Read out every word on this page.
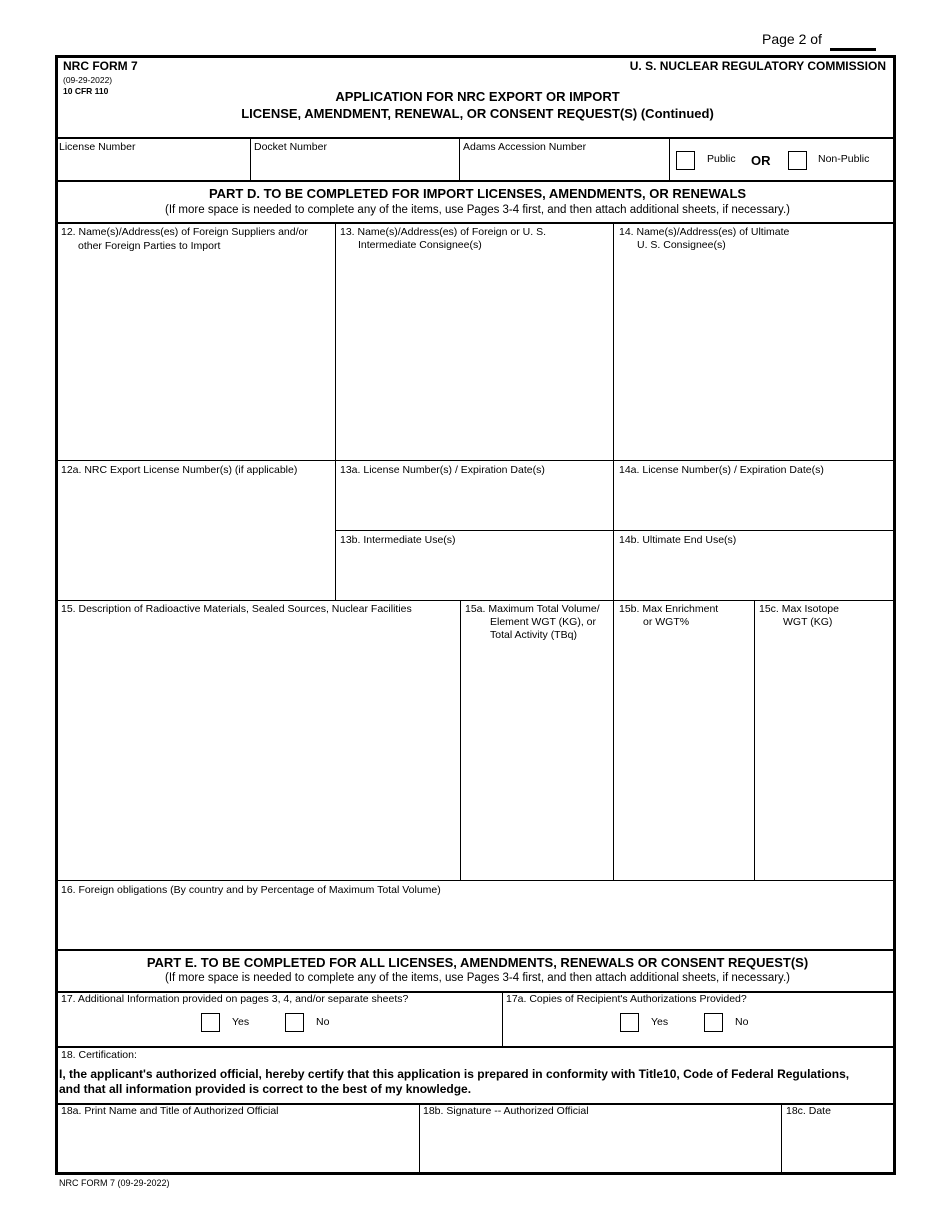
Page 2 of
NRC FORM 7
(09-29-2022)
10 CFR 110
U. S. NUCLEAR REGULATORY COMMISSION
APPLICATION FOR NRC EXPORT OR IMPORT
LICENSE, AMENDMENT, RENEWAL, OR CONSENT REQUEST(S) (Continued)
License Number	Docket Number	Adams Accession Number
Public OR	Non-Public
PART D. TO BE COMPLETED FOR IMPORT LICENSES, AMENDMENTS, OR RENEWALS
(If more space is needed to complete any of the items, use Pages 3-4 first, and then attach additional sheets, if necessary.)
12. Name(s)/Address(es) of Foreign Suppliers and/or
other Foreign Parties to Import
13. Name(s)/Address(es) of Foreign or U. S.
Intermediate Consignee(s)
14. Name(s)/Address(es) of Ultimate
U. S. Consignee(s)
12a. NRC Export License Number(s) (if applicable)	13a. License Number(s) / Expiration Date(s)	14a. License Number(s) / Expiration Date(s)
13b. Intermediate Use(s)	14b. Ultimate End Use(s)
15. Description of Radioactive Materials, Sealed Sources, Nuclear Facilities	15a. Maximum Total Volume/
Element WGT (KG), or
Total Activity (TBq)
15b. Max Enrichment
or WGT%
15c. Max Isotope
WGT (KG)
16. Foreign obligations (By country and by Percentage of Maximum Total Volume)
PART E. TO BE COMPLETED FOR ALL LICENSES, AMENDMENTS, RENEWALS OR CONSENT REQUEST(S)
(If more space is needed to complete any of the items, use Pages 3-4 first, and then attach additional sheets, if necessary.)
17. Additional Information provided on pages 3, 4, and/or separate sheets?	17a. Copies of Recipient's Authorizations Provided?
Yes	No	Yes	No
18. Certification:
I, the applicant's authorized official, hereby certify that this application is prepared in conformity with Title10, Code of Federal Regulations,
and that all information provided is correct to the best of my knowledge.
18a. Print Name and Title of Authorized Official	18b. Signature -- Authorized Official	18c. Date
NRC FORM 7 (09-29-2022)
